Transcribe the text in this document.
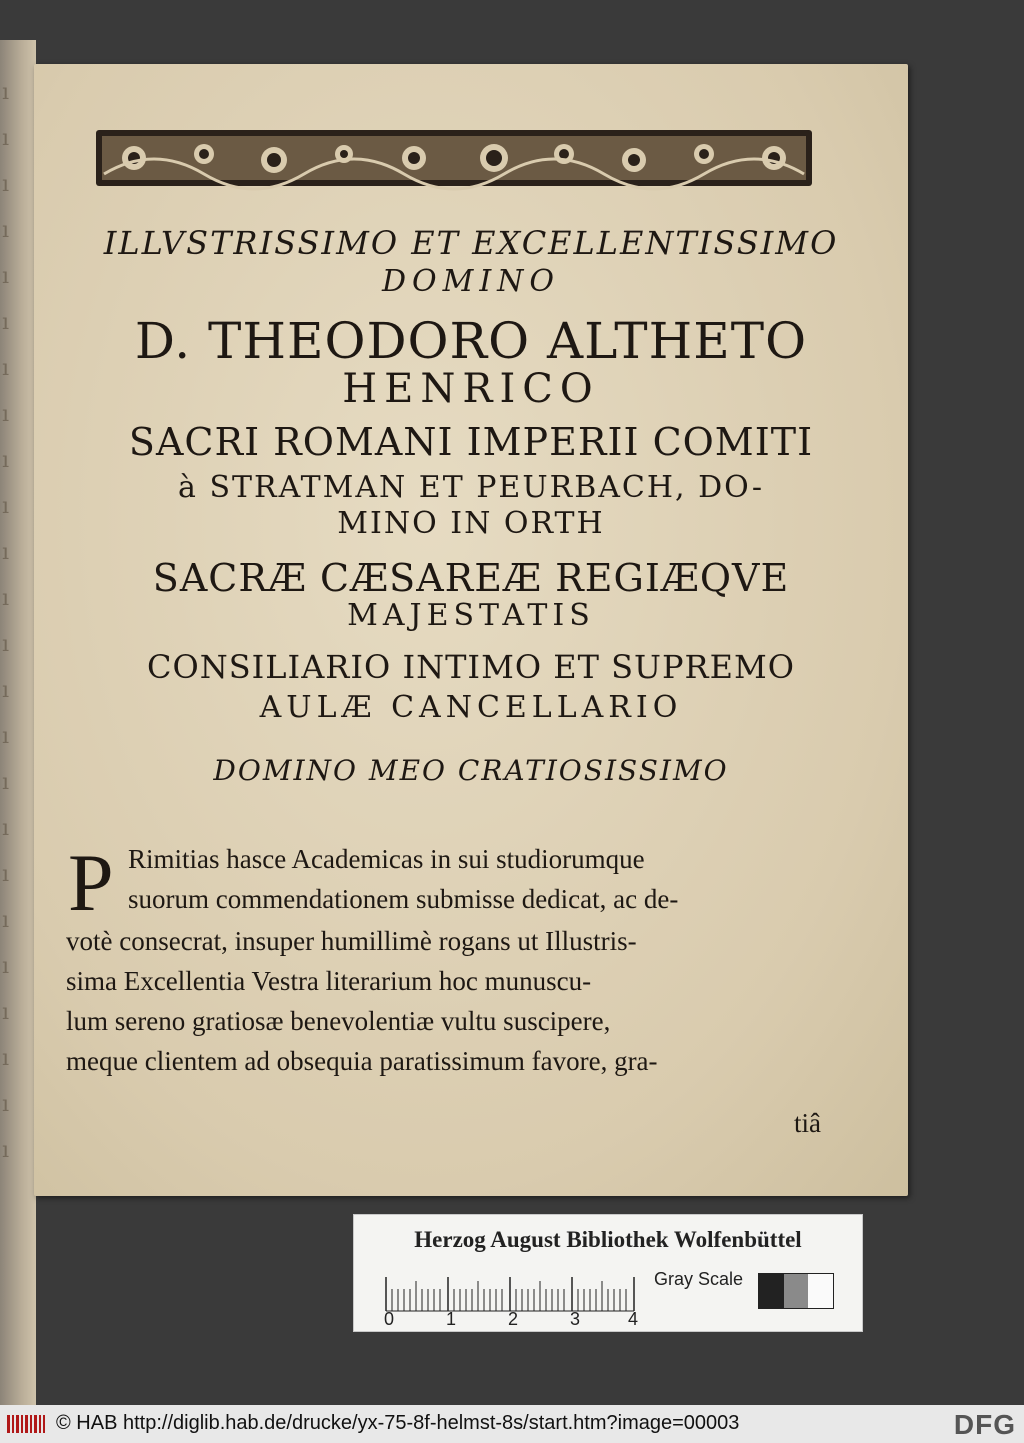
ı
ı
ı
ı
ı
ı
ı
ı
ı
ı
ı
ı
ı
ı
ı
ı
ı
ı
ı
ı
ı
ı
ı
ı
ILLVSTRISSIMO ET EXCELLENTISSIMO
DOMINO
D. THEODORO ALTHETO
HENRICO
SACRI ROMANI IMPERII COMITI
à STRATMAN ET PEURBACH, DO-
MINO IN ORTH
SACRÆ CÆSAREÆ REGIÆQVE
MAJESTATIS
CONSILIARIO INTIMO ET SUPREMO
AULÆ CANCELLARIO
DOMINO MEO CRATIOSISSIMO
P Rimitias hasce Academicas in sui studiorumque
suorum commendationem submisse dedicat, ac de-
votè consecrat, insuper humillimè rogans ut Illustris-
sima Excellentia Vestra literarium hoc munuscu-
lum sereno gratiosæ benevolentiæ vultu suscipere,
meque clientem ad obsequia paratissimum favore, gra-
tiâ
Herzog August Bibliothek Wolfenbüttel
0	1	2	3	4
Gray Scale
© HAB http://diglib.hab.de/drucke/yx-75-8f-helmst-8s/start.htm?image=00003	DFG
